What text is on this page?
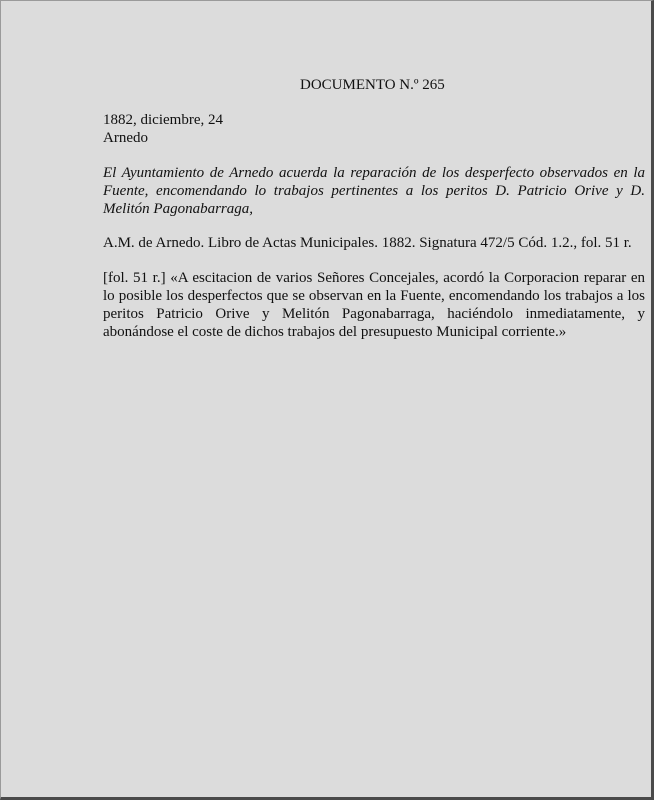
DOCUMENTO N.º 265
1882, diciembre, 24
Arnedo

El Ayuntamiento de Arnedo acuerda la reparación de los desperfecto observados en la Fuente, encomendando lo trabajos pertinentes a los peritos D. Patricio Orive y D. Melitón Pagonabarraga,

A.M. de Arnedo. Libro de Actas Municipales. 1882. Signatura 472/5 Cód. 1.2., fol. 51 r.

[fol. 51 r.] «A escitacion de varios Señores Concejales, acordó la Corporacion reparar en lo posible los desperfectos que se observan en la Fuente, encomendando los trabajos a los peritos Patricio Orive y Melitón Pagonabarraga, haciéndolo inmediatamente, y abonándose el coste de dichos trabajos del presupuesto Municipal corriente.»
